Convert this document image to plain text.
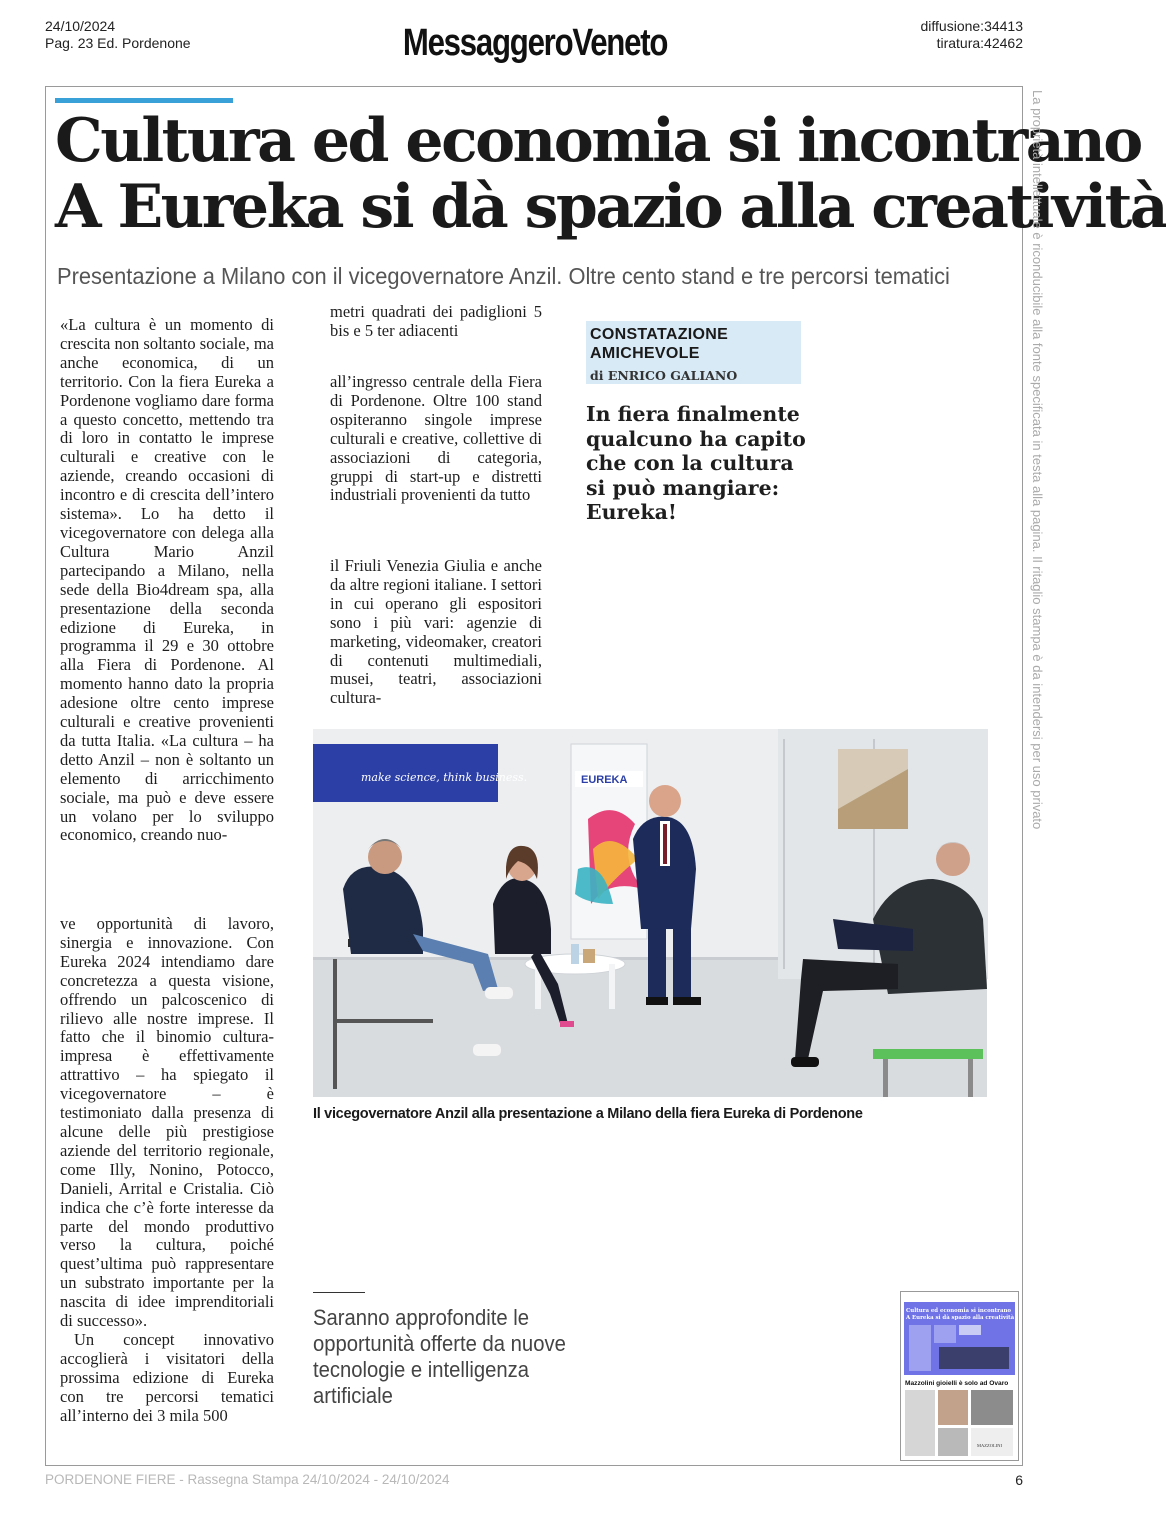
24/10/2024
Pag. 23 Ed. Pordenone	MessaggeroVeneto	diffusione:34413
tiratura:42462
Cultura ed economia si incontrano
A Eureka si dà spazio alla creatività
Presentazione a Milano con il vicegovernatore Anzil. Oltre cento stand e tre percorsi tematici

«La cultura è un momento di crescita non soltanto sociale, ma anche economica, di un territorio. Con la fiera Eureka a Pordenone vogliamo dare forma a questo concetto, mettendo tra di loro in contatto le imprese culturali e creative con le aziende, creando occasioni di incontro e di crescita dell’intero sistema». Lo ha detto il vicegovernatore con delega alla Cultura Mario Anzil partecipando a Milano, nella sede della Bio4dream spa, alla presentazione della seconda edizione di Eureka, in programma il 29 e 30 ottobre alla Fiera di Pordenone. Al momento hanno dato la propria adesione oltre cento imprese culturali e creative provenienti da tutta Italia. «La cultura – ha detto Anzil – non è soltanto un elemento di arricchimento sociale, ma può e deve essere un volano per lo sviluppo economico, creando nuo-

ve opportunità di lavoro, sinergia e innovazione. Con Eureka 2024 intendiamo dare concretezza a questa visione, offrendo un palcoscenico di rilievo alle nostre imprese. Il fatto che il binomio cultura-impresa è effettivamente attrattivo – ha spiegato il vicegovernatore – è testimoniato dalla presenza di alcune delle più prestigiose aziende del territorio regionale, come Illy, Nonino, Potocco, Danieli, Arrital e Cristalia. Ciò indica che c’è forte interesse da parte del mondo produttivo verso la cultura, poiché quest’ultima può rappresentare un substrato importante per la nascita di idee imprenditoriali di successo».

Un concept innovativo accoglierà i visitatori della prossima edizione di Eureka con tre percorsi tematici all’interno dei 3 mila 500

metri quadrati dei padiglioni 5 bis e 5 ter adiacenti

all’ingresso centrale della Fiera di Pordenone. Oltre 100 stand ospiteranno singole imprese culturali e creative, collettive di associazioni di categoria, gruppi di start-up e distretti industriali provenienti da tutto

il Friuli Venezia Giulia e anche da altre regioni italiane. I settori in cui operano gli espositori sono i più vari: agenzie di marketing, videomaker, creatori di contenuti multimediali, musei, teatri, associazioni cultura-

CONSTATAZIONE AMICHEVOLE
di ENRICO GALIANO
In fiera finalmente qualcuno ha capito che con la cultura si può mangiare: Eureka!
make science, think business.	EUREKA
Il vicegovernatore Anzil alla presentazione a Milano della fiera Eureka di Pordenone
Saranno approfondite le opportunità offerte da nuove tecnologie e intelligenza artificiale
Cultura ed economia si incontrano
A Eureka si dà spazio alla creatività
Mazzolini gioielli è solo ad Ovaro
MAZZOLINI
La proprietà intellettuale è riconducibile alla fonte specificata in testa alla pagina. Il ritaglio stampa è da intendersi per uso privato
PORDENONE FIERE - Rassegna Stampa 24/10/2024 - 24/10/2024	6
